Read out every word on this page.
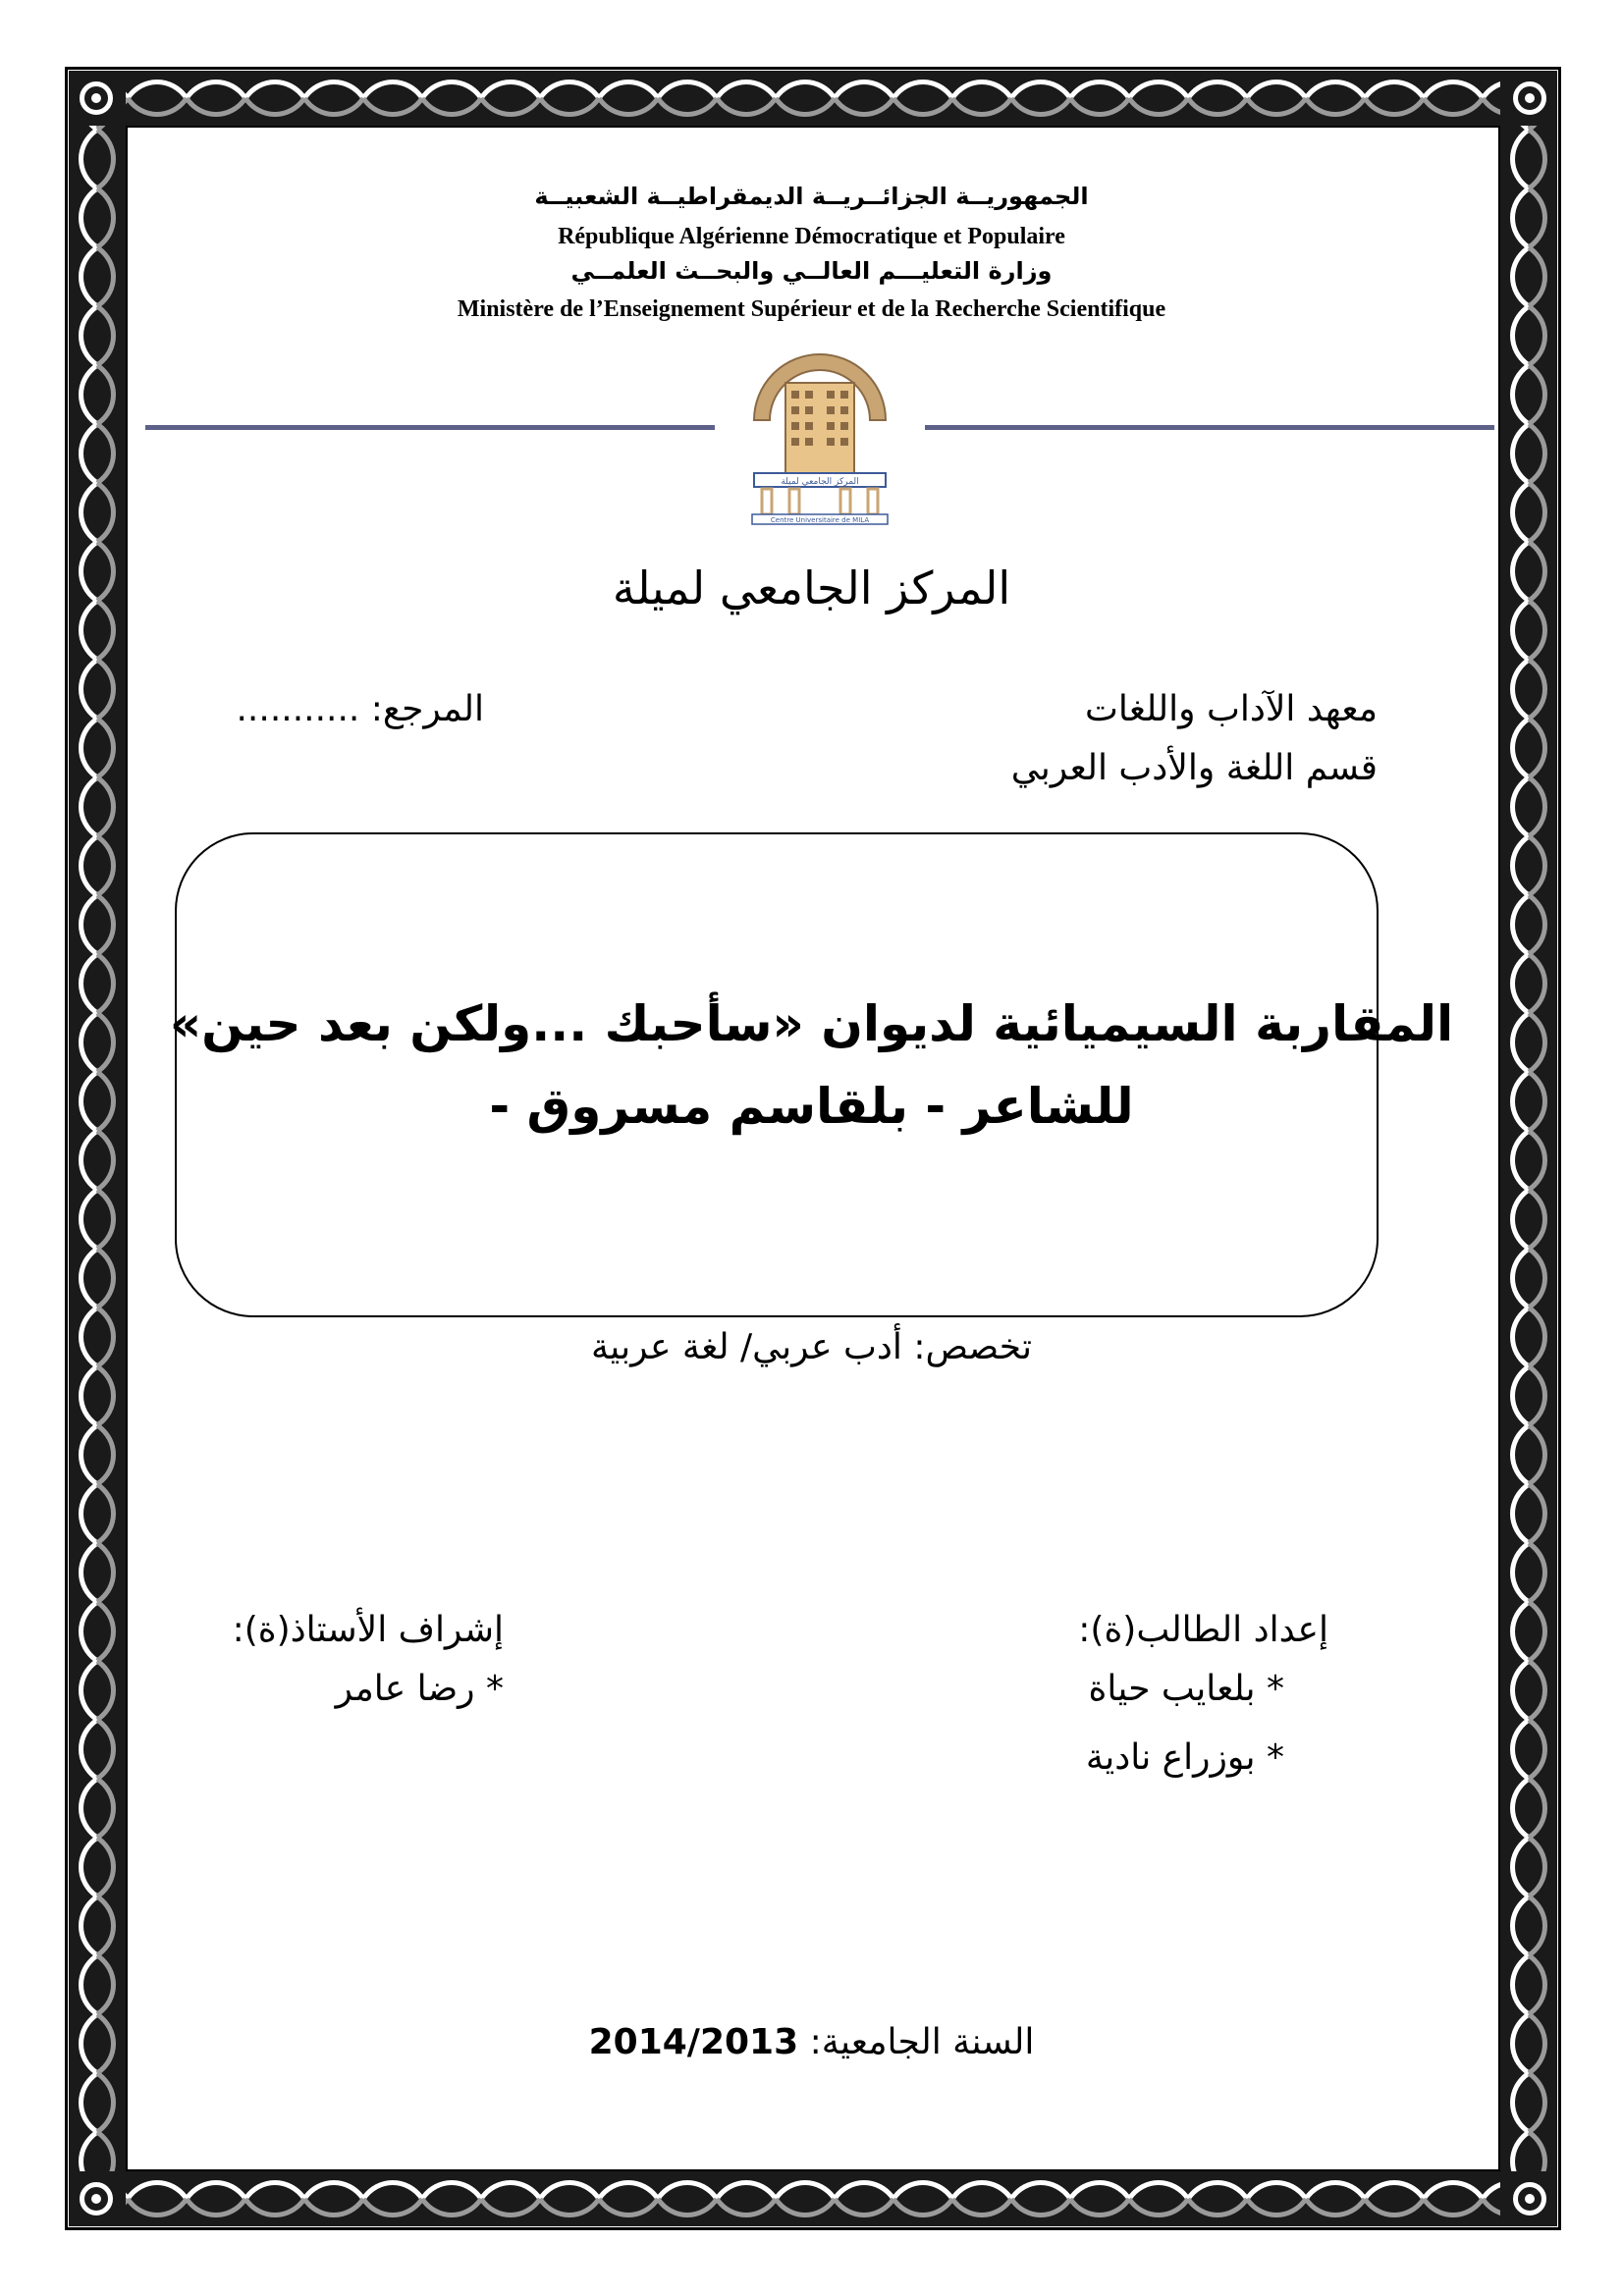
الجمهوريــة الجزائــريــة الديمقراطيــة الشعبيــة
République Algérienne Démocratique et Populaire
وزارة التعليـــم العالــي والبحــث العلمــي
Ministère de l’Enseignement Supérieur et de la Recherche Scientifique
المركز الجامعي لميلة
Centre Universitaire de MILA
المركز الجامعي لميلة
معهد الآداب واللغات
قسم اللغة والأدب العربي
المرجع: ...........
المقاربة السيميائية لديوان «سأحبك ...ولكن بعد حين»
للشاعر - بلقاسم مسروق -
تخصص: أدب عربي/ لغة عربية
إعداد الطالب(ة):
* بلعايب حياة
* بوزراع نادية
إشراف الأستاذ(ة):
* رضا عامر
السنة الجامعية: 2014/2013
